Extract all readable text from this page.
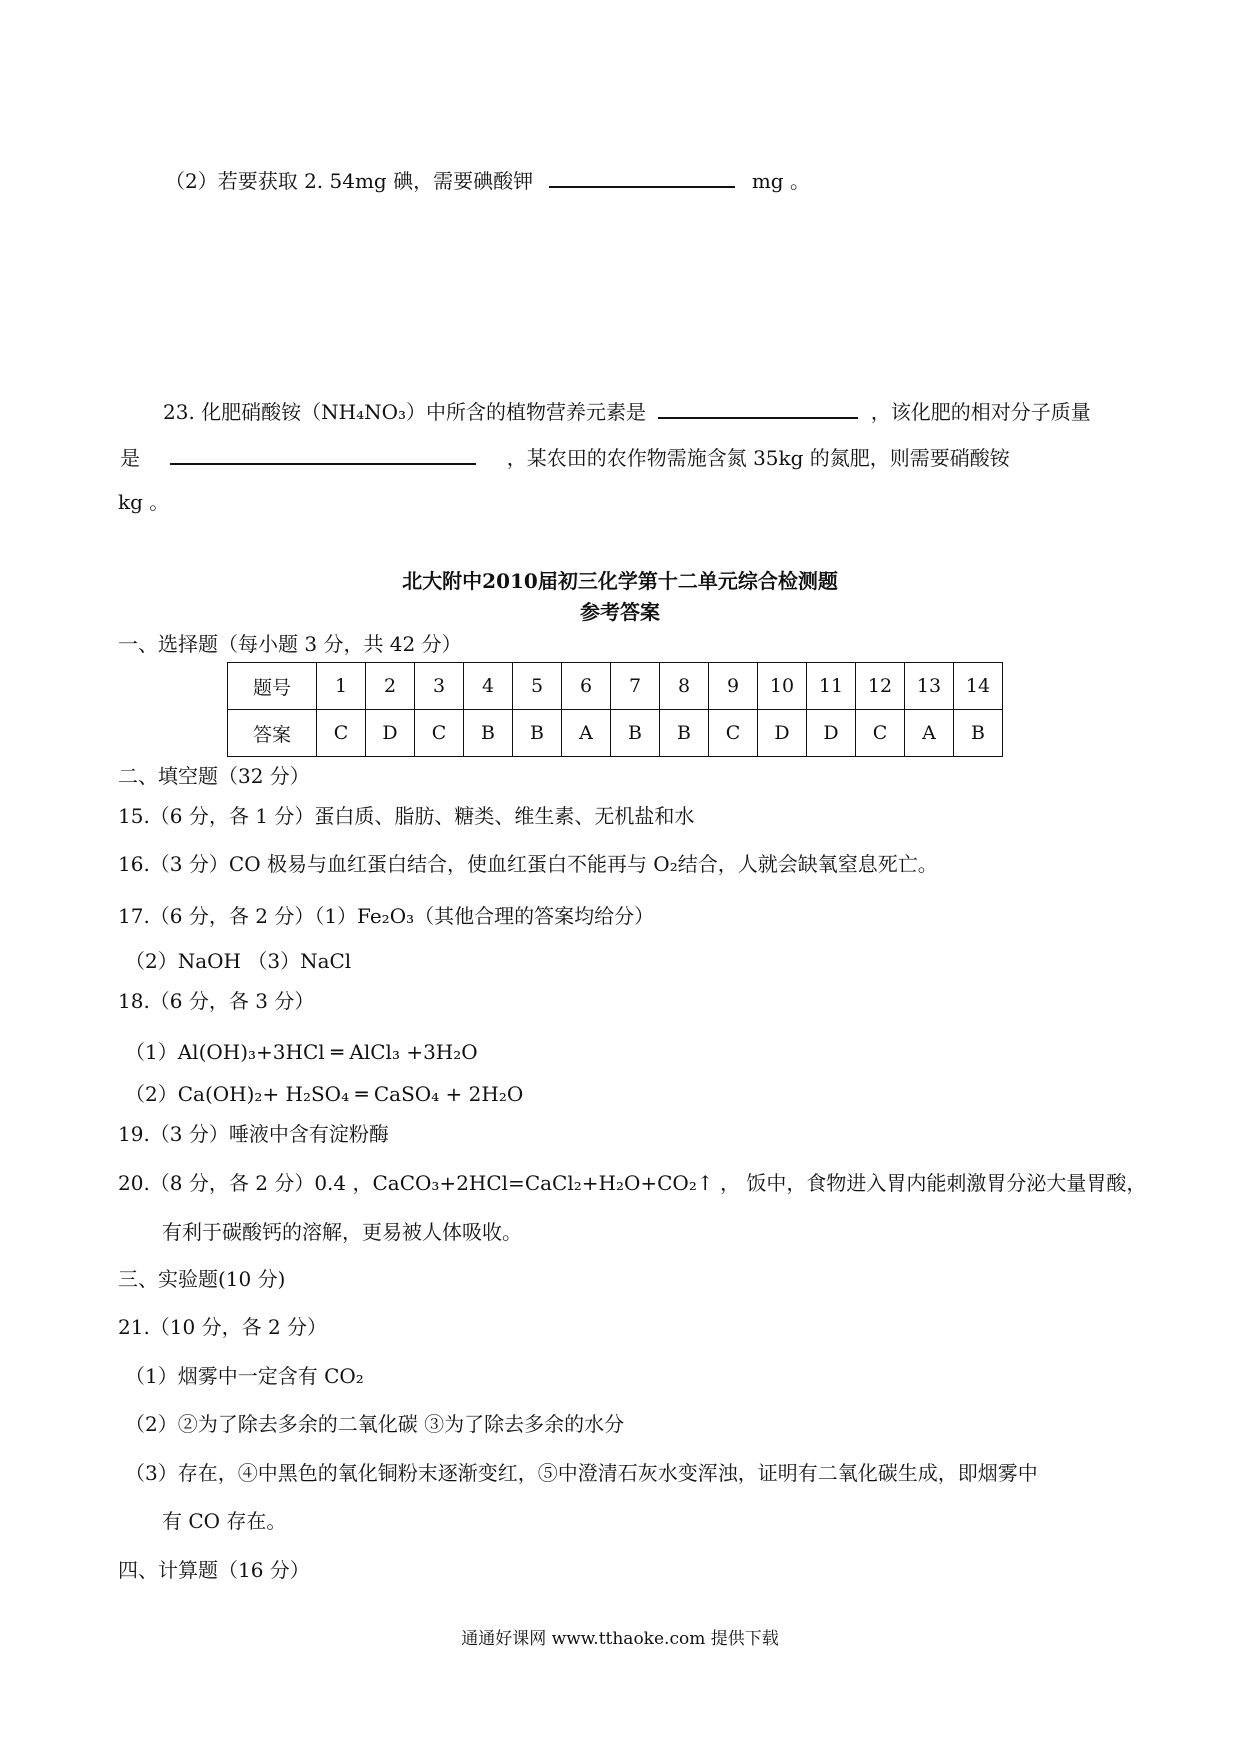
（2）若要获取 2. 54mg 碘，需要碘酸钾	mg 。
23. 化肥硝酸铵（NH₄NO₃）中所含的植物营养元素是	，该化肥的相对分子质量
是	，某农田的农作物需施含氮 35kg 的氮肥，则需要硝酸铵
kg 。
北大附中2010届初三化学第十二单元综合检测题
参考答案
一、选择题（每小题 3 分，共 42 分）
题号	1	2	3	4	5	6	7	8	9	10	11	12	13	14
答案	C	D	C	B	B	A	B	B	C	D	D	C	A	B
二、填空题（32 分）
15.（6 分，各 1 分）蛋白质、脂肪、糖类、维生素、无机盐和水
16.（3 分）CO 极易与血红蛋白结合，使血红蛋白不能再与 O₂结合，人就会缺氧窒息死亡。
17.（6 分，各 2 分）（1）Fe₂O₃（其他合理的答案均给分）
（2）NaOH （3）NaCl
18.（6 分，各 3 分）
（1）Al(OH)₃+3HCl ═ AlCl₃ +3H₂O
（2）Ca(OH)₂+ H₂SO₄ ═ CaSO₄ + 2H₂O
19.（3 分）唾液中含有淀粉酶
20.（8 分，各 2 分）0.4 ，CaCO₃+2HCl=CaCl₂+H₂O+CO₂↑ ， 饭中，食物进入胃内能刺激胃分泌大量胃酸，
有利于碳酸钙的溶解，更易被人体吸收。
三、实验题(10 分)
21.（10 分，各 2 分）
（1）烟雾中一定含有 CO₂
（2）②为了除去多余的二氧化碳 ③为了除去多余的水分
（3）存在，④中黑色的氧化铜粉末逐渐变红，⑤中澄清石灰水变浑浊，证明有二氧化碳生成，即烟雾中
有 CO 存在。
四、计算题（16 分）
通通好课网 www.tthaoke.com 提供下载
